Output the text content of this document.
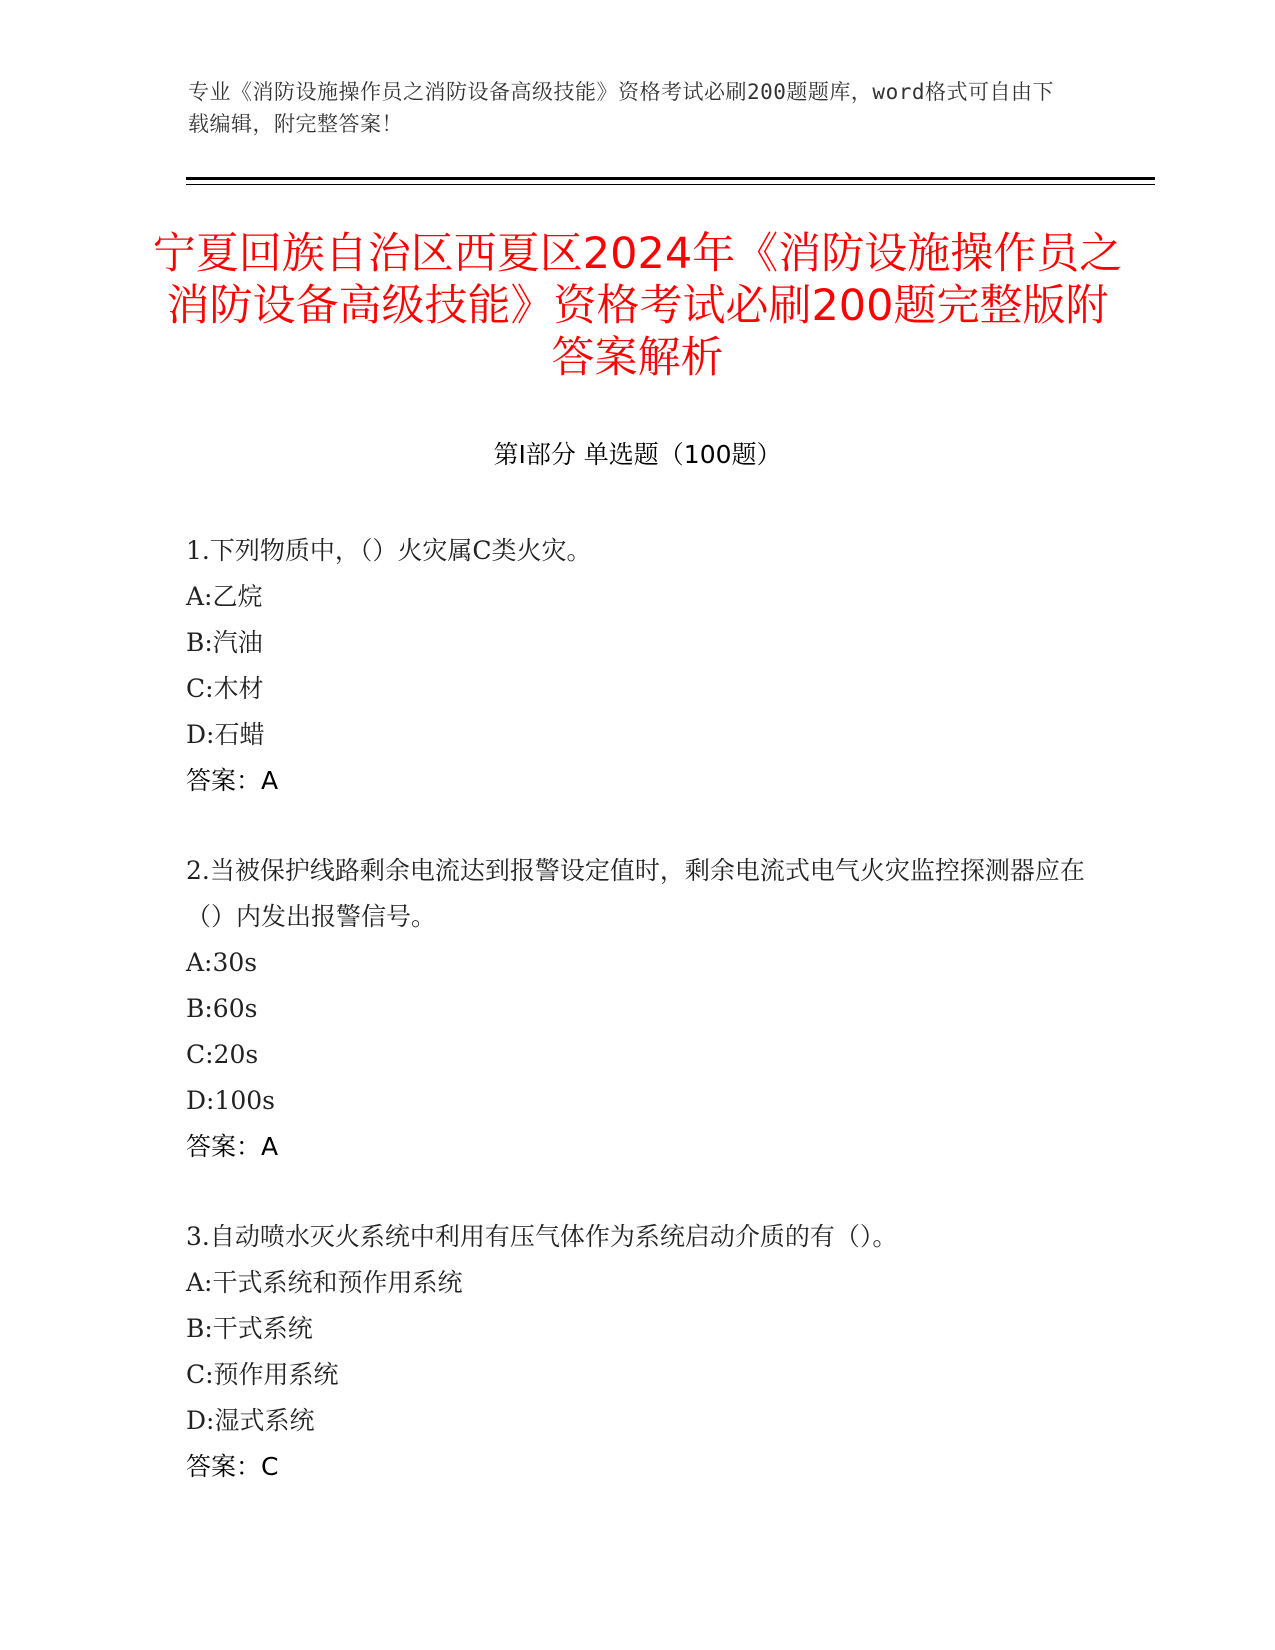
专业《消防设施操作员之消防设备高级技能》资格考试必刷200题题库，word格式可自由下载编辑，附完整答案！
宁夏回族自治区西夏区2024年《消防设施操作员之消防设备高级技能》资格考试必刷200题完整版附答案解析
第Ⅰ部分 单选题（100题）

1.下列物质中，（）火灾属C类火灾。

A:乙烷

B:汽油

C:木材

D:石蜡

答案：A

2.当被保护线路剩余电流达到报警设定值时，剩余电流式电气火灾监控探测器应在（）内发出报警信号。

A:30s

B:60s

C:20s

D:100s

答案：A

3.自动喷水灭火系统中利用有压气体作为系统启动介质的有（）。

A:干式系统和预作用系统

B:干式系统

C:预作用系统

D:湿式系统

答案：C
